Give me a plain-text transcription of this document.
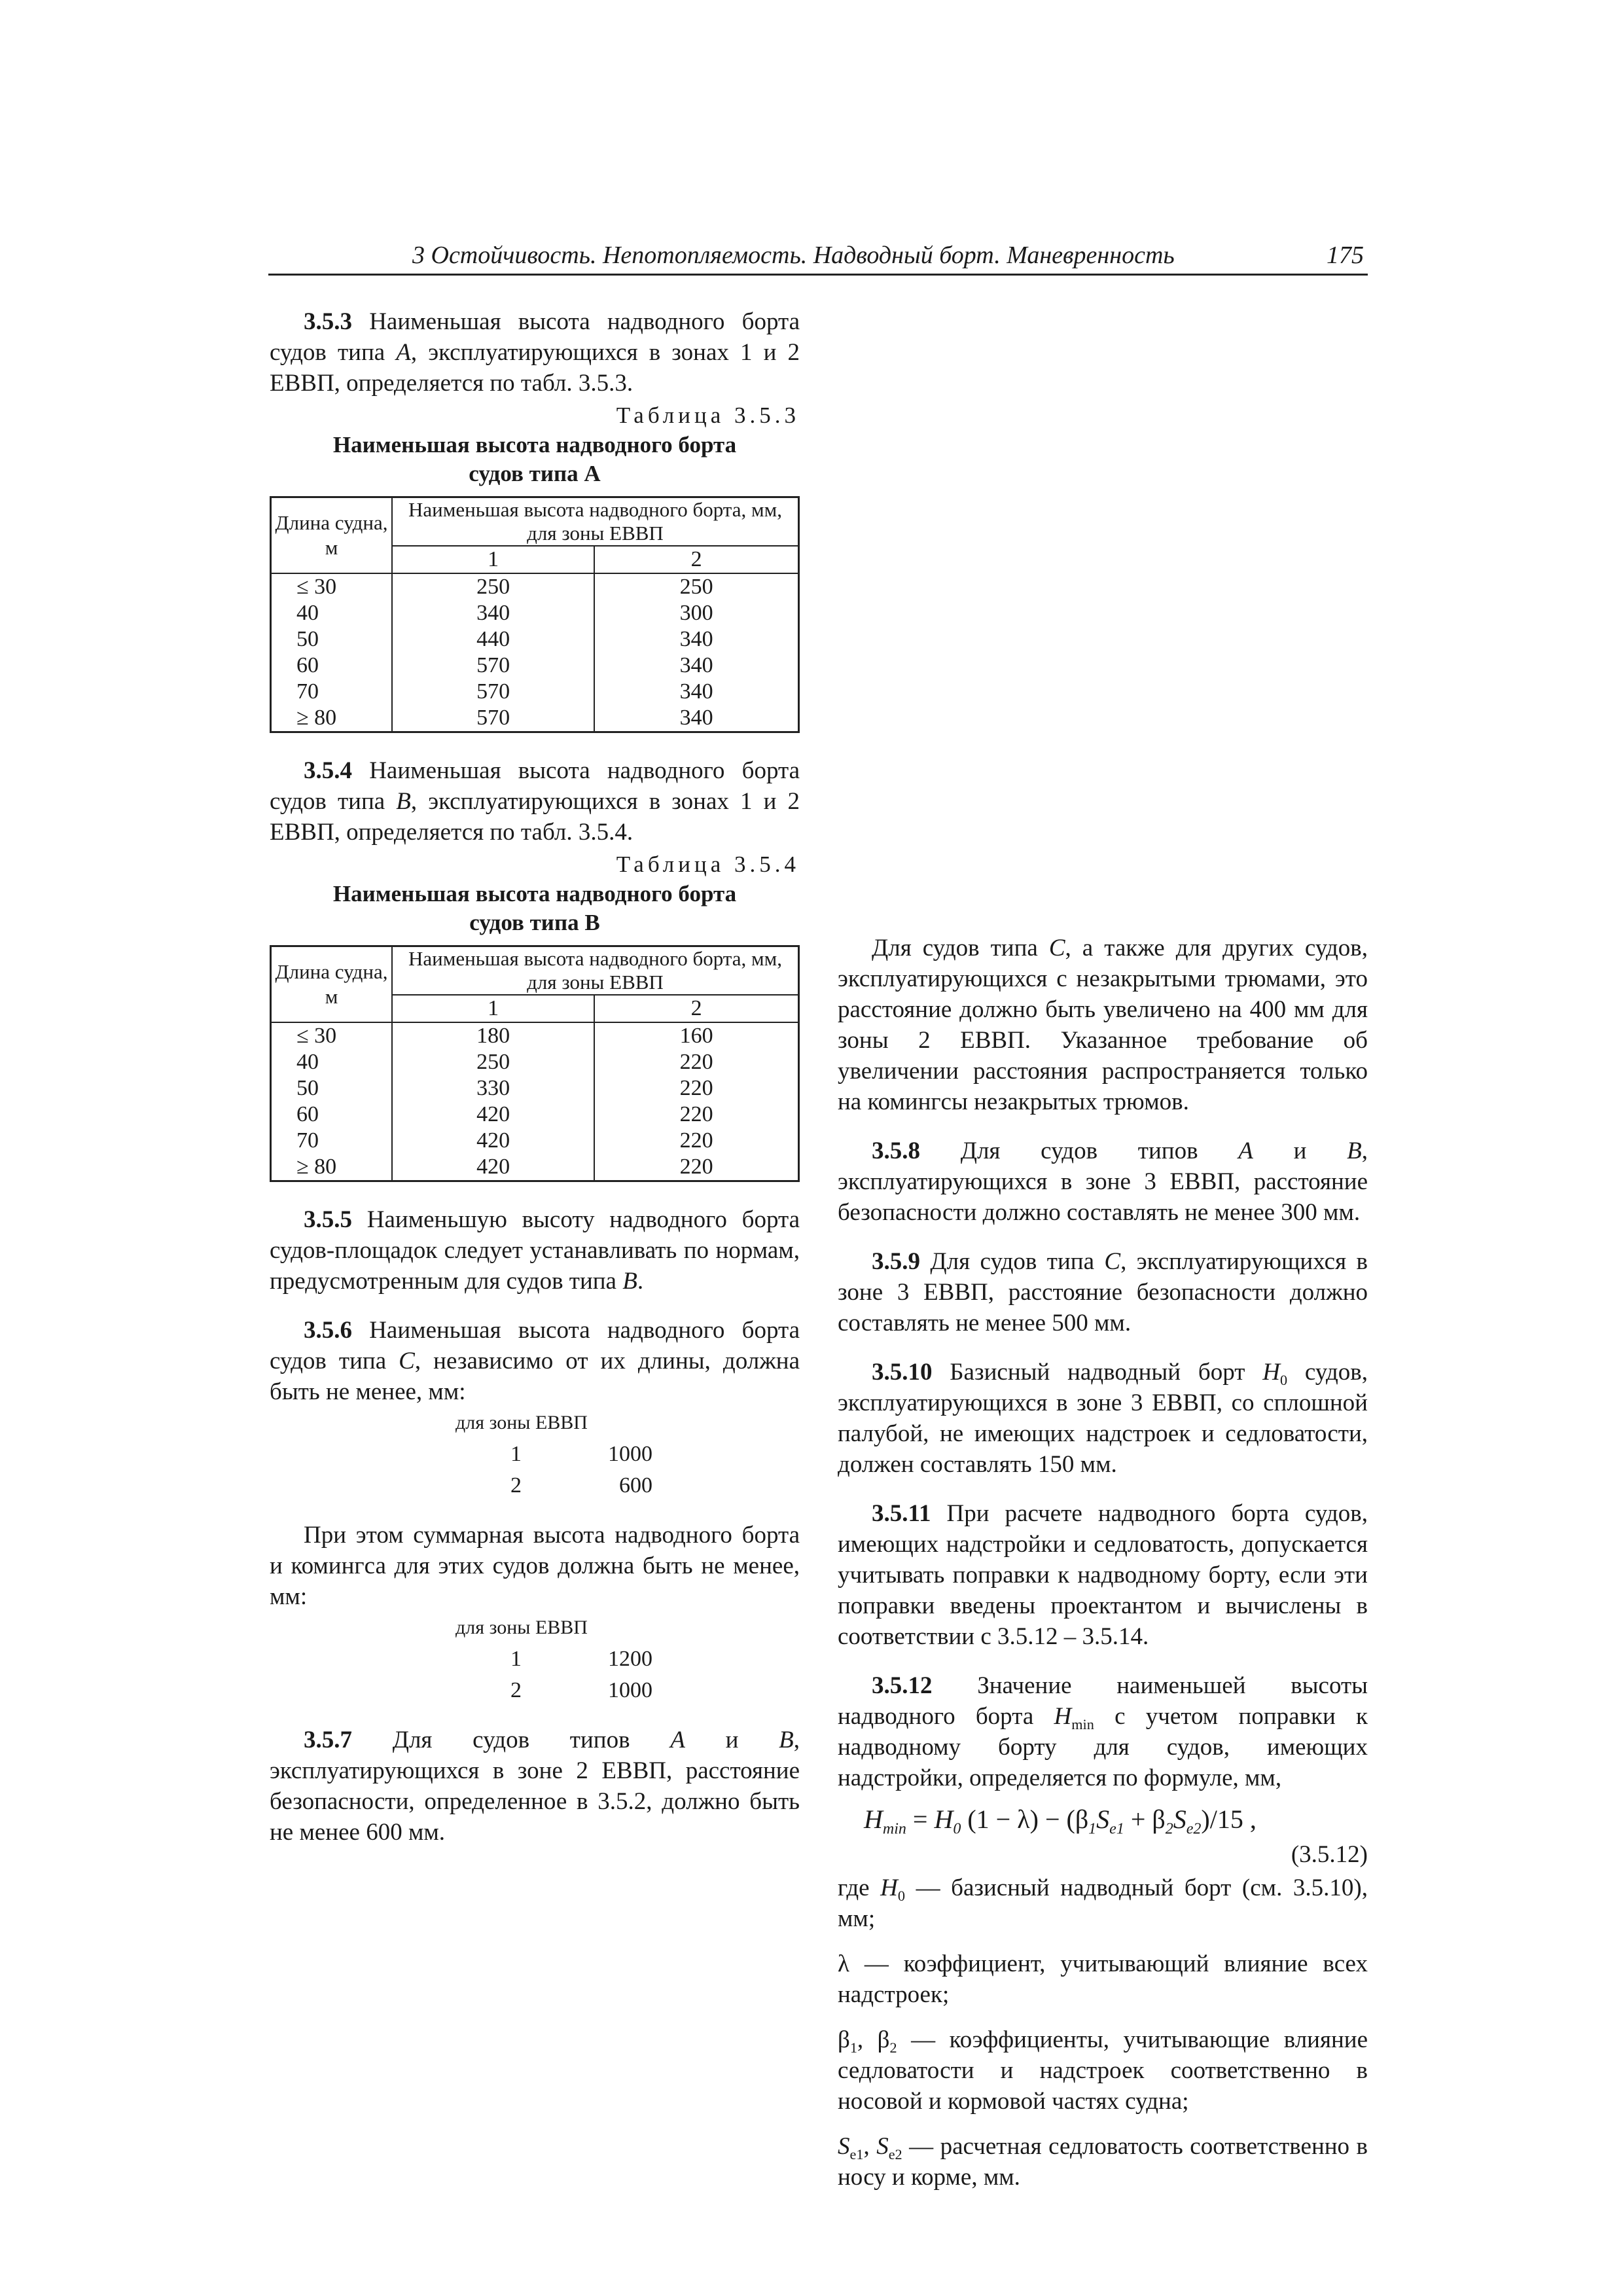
3 Остойчивость. Непотопляемость. Надводный борт. Маневренность	175

3.5.3 Наименьшая высота надводного борта судов типа А, эксплуатирующихся в зонах 1 и 2 ЕВВП, определяется по табл. 3.5.3.

Таблица 3.5.3
Наименьшая высота надводного борта
судов типа А
Длина судна, м	Наименьшая высота надводного борта, мм, для зоны ЕВВП	
	1	2
≤ 30	250	250
40	340	300
50	440	340
60	570	340
70	570	340
≥ 80	570	340

3.5.4 Наименьшая высота надводного борта судов типа В, эксплуатирующихся в зонах 1 и 2 ЕВВП, определяется по табл. 3.5.4.

Таблица 3.5.4
Наименьшая высота надводного борта
судов типа В
Длина судна, м	Наименьшая высота надводного борта, мм, для зоны ЕВВП	
	1	2
≤ 30	180	160
40	250	220
50	330	220
60	420	220
70	420	220
≥ 80	420	220

3.5.5 Наименьшую высоту надводного борта судов-площадок следует устанавливать по нормам, предусмотренным для судов типа В.

3.5.6 Наименьшая высота надводного борта судов типа С, независимо от их длины, должна быть не менее, мм:

для зоны ЕВВП
1	1000
2	600

При этом суммарная высота надводного борта и комингса для этих судов должна быть не менее, мм:

для зоны ЕВВП
1	1200
2	1000

3.5.7 Для судов типов А и В, эксплуатирующихся в зоне 2 ЕВВП, расстояние безопасности, определенное в 3.5.2, должно быть не менее 600 мм.

Для судов типа С, а также для других судов, эксплуатирующихся с незакрытыми трюмами, это расстояние должно быть увеличено на 400 мм для зоны 2 ЕВВП. Указанное требование об увеличении расстояния распространяется только на комингсы незакрытых трюмов.

3.5.8 Для судов типов А и В, эксплуатирующихся в зоне 3 ЕВВП, расстояние безопасности должно составлять не менее 300 мм.

3.5.9 Для судов типа С, эксплуатирующихся в зоне 3 ЕВВП, расстояние безопасности должно составлять не менее 500 мм.

3.5.10 Базисный надводный борт $H_0$ судов, эксплуатирующихся в зоне 3 ЕВВП, со сплошной палубой, не имеющих надстроек и седловатости, должен составлять 150 мм.

3.5.11 При расчете надводного борта судов, имеющих надстройки и седловатость, допускается учитывать поправки к надводному борту, если эти поправки введены проектантом и вычислены в соответствии с 3.5.12 – 3.5.14.

3.5.12 Значение наименьшей высоты надводного борта $H_{min}$ с учетом поправки к надводному борту для судов, имеющих надстройки, определяется по формуле, мм,

$H_{min} = H_0$ $(1 - \lambda) - (\beta_1S_{e1} + \beta_2S_{e2})/15$ ,
(3.5.12)

где $H_0$ — базисный надводный борт (см. 3.5.10), мм;

λ — коэффициент, учитывающий влияние всех надстроек;

$\beta_1$, $\beta_2$ — коэффициенты, учитывающие влияние седловатости и надстроек соответственно в носовой и кормовой частях судна;

$S_{e1}$, $S_{e2}$ — расчетная седловатость соответственно в носу и корме, мм.
